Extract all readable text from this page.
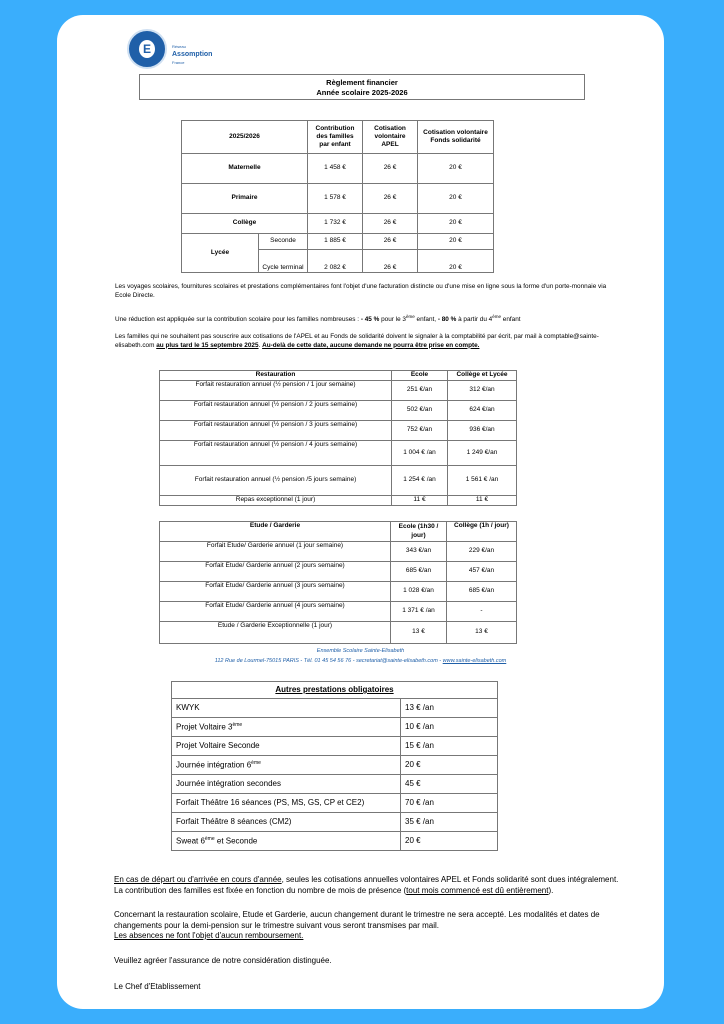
E	Réseau
Assomption
France
Règlement financier
Année scolaire 2025-2026
2025/2026		Contribution des familles par enfant	Cotisation volontaire APEL	Cotisation volontaire Fonds solidarité
Maternelle		1 458 €	26 €	20 €
Primaire		1 578 €	26 €	20 €
Collège		1 732 €	26 €	20 €
Lycée	Seconde	1 885 €	26 €	20 €
	Cycle terminal	2 082 €	26 €	20 €
Les voyages scolaires, fournitures scolaires et prestations complémentaires font l'objet d'une facturation distincte ou d'une mise en ligne sous la forme d'un porte-monnaie via Ecole Directe.
Une réduction est appliquée sur la contribution scolaire pour les familles nombreuses : - 45 % pour le 3ème enfant, - 80 % à partir du 4ème enfant
Les familles qui ne souhaitent pas souscrire aux cotisations de l'APEL et au Fonds de solidarité doivent le signaler à la comptabilité par écrit, par mail à comptable@sainte-elisabeth.com au plus tard le 15 septembre 2025. Au-delà de cette date, aucune demande ne pourra être prise en compte.
Restauration	Ecole	Collège et Lycée
Forfait restauration annuel (½ pension / 1 jour semaine)	251 €/an	312 €/an
Forfait restauration annuel (½ pension / 2 jours semaine)	502 €/an	624 €/an
Forfait restauration annuel (½ pension / 3 jours semaine)	752 €/an	936 €/an
Forfait restauration annuel (½ pension / 4 jours semaine)	1 004 € /an	1 249 €/an
Forfait restauration annuel (½ pension /5 jours semaine)	1 254 € /an	1 561 € /an
Repas exceptionnel (1 jour)	11 €	11 €
Etude / Garderie	Ecole (1h30 / jour)	Collège (1h / jour)
Forfait Etude/ Garderie annuel (1 jour semaine)	343 €/an	229 €/an
Forfait Etude/ Garderie annuel (2 jours semaine)	685 €/an	457 €/an
Forfait Etude/ Garderie annuel (3 jours semaine)	1 028 €/an	685 €/an
Forfait Etude/ Garderie annuel (4 jours semaine)	1 371 € /an	-
Etude / Garderie Exceptionnelle (1 jour)	13 €	13 €
Ensemble Scolaire Sainte-Elisabeth
112 Rue de Lourmel-75015 PARIS - Tél. 01 45 54 56 76 - secretariat@sainte-elisabeth.com - www.sainte-elisabeth.com
Autres prestations obligatoires	
KWYK	13 € /an
Projet Voltaire 3ème	10 € /an
Projet Voltaire Seconde	15 € /an
Journée intégration 6ème	20 €
Journée intégration secondes	45 €
Forfait Théâtre 16 séances (PS, MS, GS, CP et CE2)	70 € /an
Forfait Théâtre 8 séances (CM2)	35 € /an
Sweat 6ème et Seconde	20 €
En cas de départ ou d'arrivée en cours d'année, seules les cotisations annuelles volontaires APEL et Fonds solidarité sont dues intégralement.
La contribution des familles est fixée en fonction du nombre de mois de présence (tout mois commencé est dû entièrement).
Concernant la restauration scolaire, Etude et Garderie, aucun changement durant le trimestre ne sera accepté. Les modalités et dates de changements pour la demi-pension sur le trimestre suivant vous seront transmises par mail.
Les absences ne font l'objet d'aucun remboursement.
Veuillez agréer l'assurance de notre considération distinguée.
Le Chef d'Etablissement
